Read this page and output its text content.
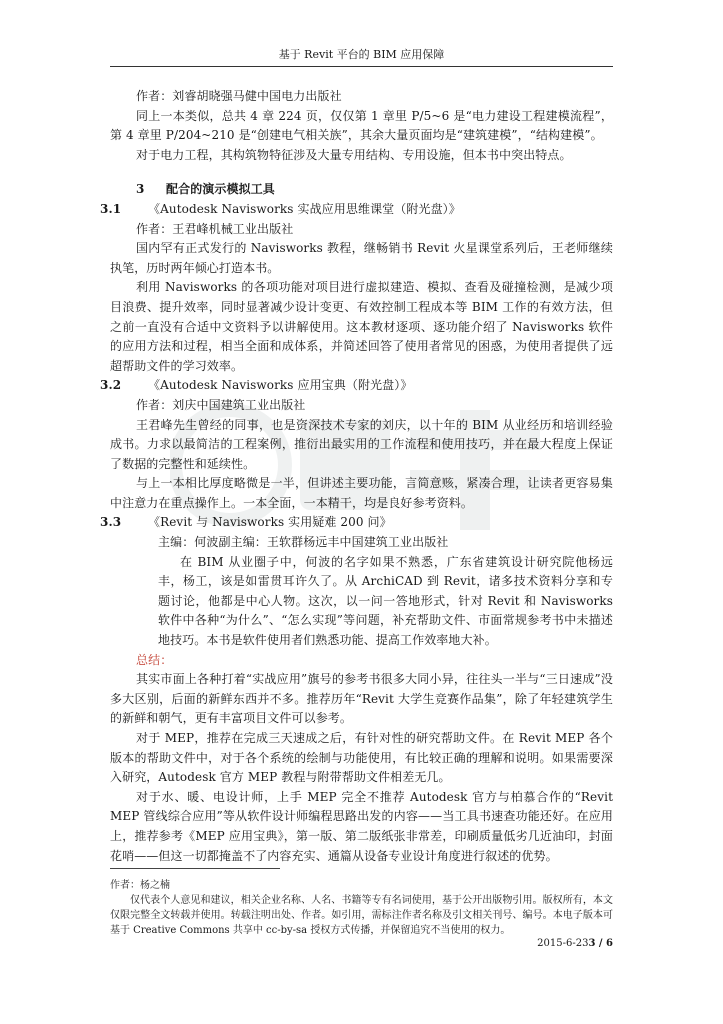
基于 Revit 平台的 BIM 应用保障

作者：刘睿胡晓强马健中国电力出版社

同上一本类似，总共 4 章 224 页，仅仅第 1 章里 P/5~6 是“电力建设工程建模流程”，第 4 章里 P/204~210 是“创建电气相关族”，其余大量页面均是“建筑建模”，“结构建模”。

对于电力工程，其构筑物特征涉及大量专用结构、专用设施，但本书中突出特点。

3 配合的演示模拟工具
3.1	《Autodesk Navisworks 实战应用思维课堂（附光盘）》

作者：王君峰机械工业出版社

国内罕有正式发行的 Navisworks 教程，继畅销书 Revit 火星课堂系列后，王老师继续执笔，历时两年倾心打造本书。

利用 Navisworks 的各项功能对项目进行虚拟建造、模拟、查看及碰撞检测，是减少项目浪费、提升效率，同时显著减少设计变更、有效控制工程成本等 BIM 工作的有效方法，但之前一直没有合适中文资料予以讲解使用。这本教材逐项、逐功能介绍了 Navisworks 软件的应用方法和过程，相当全面和成体系，并简述回答了使用者常见的困惑，为使用者提供了远超帮助文件的学习效率。

3.2	《Autodesk Navisworks 应用宝典（附光盘）》

作者：刘庆中国建筑工业出版社

王君峰先生曾经的同事，也是资深技术专家的刘庆，以十年的 BIM 从业经历和培训经验成书。力求以最简洁的工程案例，推衍出最实用的工作流程和使用技巧，并在最大程度上保证了数据的完整性和延续性。

与上一本相比厚度略微是一半，但讲述主要功能，言简意赅，紧凑合理，让读者更容易集中注意力在重点操作上。一本全面，一本精干，均是良好参考资料。

3.3	《Revit 与 Navisworks 实用疑难 200 问》

主编：何波副主编：王软群杨远丰中国建筑工业出版社

在 BIM 从业圈子中，何波的名字如果不熟悉，广东省建筑设计研究院他杨远丰，杨工，该是如雷贯耳许久了。从 ArchiCAD 到 Revit，诸多技术资料分享和专题讨论，他都是中心人物。这次，以一问一答地形式，针对 Revit 和 Navisworks 软件中各种“为什么”、“怎么实现”等问题，补充帮助文件、市面常规参考书中未描述地技巧。本书是软件使用者们熟悉功能、提高工作效率地大补。

总结：

其实市面上各种打着“实战应用”旗号的参考书很多大同小异，往往头一半与“三日速成”没多大区别，后面的新鲜东西并不多。推荐历年“Revit 大学生竞赛作品集”，除了年轻建筑学生的新鲜和朝气，更有丰富项目文件可以参考。

对于 MEP，推荐在完成三天速成之后，有针对性的研究帮助文件。在 Revit MEP 各个版本的帮助文件中，对于各个系统的绘制与功能使用，有比较正确的理解和说明。如果需要深入研究，Autodesk 官方 MEP 教程与附带帮助文件相差无几。

对于水、暖、电设计师，上手 MEP 完全不推荐 Autodesk 官方与柏慕合作的“Revit MEP 管线综合应用”等从软件设计师编程思路出发的内容——当工具书速查功能还好。在应用上，推荐参考《MEP 应用宝典》，第一版、第二版纸张非常差，印刷质量低劣几近油印，封面花哨——但这一切都掩盖不了内容充实、通篇从设备专业设计角度进行叙述的优势。

作者：杨之楠

仅代表个人意见和建议，相关企业名称、人名、书籍等专有名词使用，基于公开出版物引用。版权所有，本文仅限完整全文转载并使用。转载注明出处、作者。如引用，需标注作者名称及引文相关刊号、编号。本电子版本可基于 Creative Commons 共享中 cc-by-sa 授权方式传播，并保留追究不当使用的权力。

2015-6-233 / 6
